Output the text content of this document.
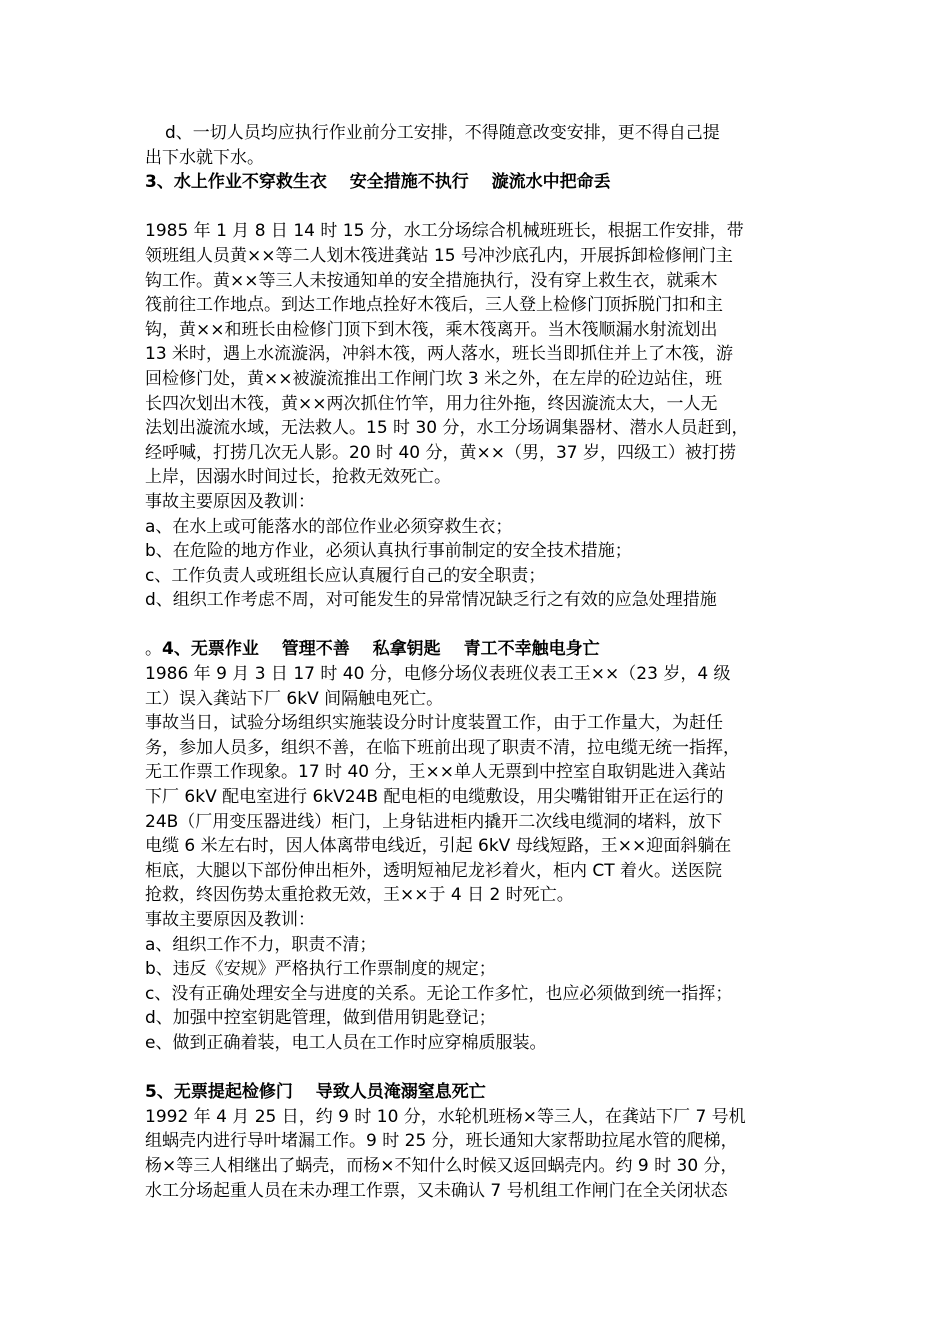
d、一切人员均应执行作业前分工安排，不得随意改变安排，更不得自己提
出下水就下水。
3、水上作业不穿救生衣　 安全措施不执行　 漩流水中把命丢
1985 年 1 月 8 日 14 时 15 分，水工分场综合机械班班长，根据工作安排，带
领班组人员黄××等二人划木筏进龚站 15 号冲沙底孔内，开展拆卸检修闸门主
钩工作。黄××等三人未按通知单的安全措施执行，没有穿上救生衣，就乘木
筏前往工作地点。到达工作地点拴好木筏后，三人登上检修门顶拆脱门扣和主
钩，黄××和班长由检修门顶下到木筏，乘木筏离开。当木筏顺漏水射流划出
13 米时，遇上水流漩涡，冲斜木筏，两人落水，班长当即抓住并上了木筏，游
回检修门处，黄××被漩流推出工作闸门坎 3 米之外，在左岸的砼边站住，班
长四次划出木筏，黄××两次抓住竹竿，用力往外拖，终因漩流太大，一人无
法划出漩流水域，无法救人。15 时 30 分，水工分场调集器材、潜水人员赶到，
经呼喊，打捞几次无人影。20 时 40 分，黄××（男，37 岁，四级工）被打捞
上岸，因溺水时间过长，抢救无效死亡。
事故主要原因及教训：
a、在水上或可能落水的部位作业必须穿救生衣；
b、在危险的地方作业，必须认真执行事前制定的安全技术措施；
c、工作负责人或班组长应认真履行自己的安全职责；
d、组织工作考虑不周，对可能发生的异常情况缺乏行之有效的应急处理措施
。4、无票作业　 管理不善　 私拿钥匙　 青工不幸触电身亡
1986 年 9 月 3 日 17 时 40 分，电修分场仪表班仪表工王××（23 岁，4 级
工）误入龚站下厂 6kV 间隔触电死亡。
事故当日，试验分场组织实施装设分时计度装置工作，由于工作量大，为赶任
务，参加人员多，组织不善，在临下班前出现了职责不清，拉电缆无统一指挥，
无工作票工作现象。17 时 40 分，王××单人无票到中控室自取钥匙进入龚站
下厂 6kV 配电室进行 6kV24B 配电柜的电缆敷设，用尖嘴钳钳开正在运行的
24B（厂用变压器进线）柜门，上身钻进柜内撬开二次线电缆洞的堵料，放下
电缆 6 米左右时，因人体离带电线近，引起 6kV 母线短路，王××迎面斜躺在
柜底，大腿以下部份伸出柜外，透明短袖尼龙衫着火，柜内 CT 着火。送医院
抢救，终因伤势太重抢救无效，王××于 4 日 2 时死亡。
事故主要原因及教训：
a、组织工作不力，职责不清；
b、违反《安规》严格执行工作票制度的规定；
c、没有正确处理安全与进度的关系。无论工作多忙，也应必须做到统一指挥；
d、加强中控室钥匙管理，做到借用钥匙登记；
e、做到正确着装，电工人员在工作时应穿棉质服装。
5、无票提起检修门　 导致人员淹溺窒息死亡
1992 年 4 月 25 日，约 9 时 10 分，水轮机班杨×等三人，在龚站下厂 7 号机
组蜗壳内进行导叶堵漏工作。9 时 25 分，班长通知大家帮助拉尾水管的爬梯，
杨×等三人相继出了蜗壳，而杨×不知什么时候又返回蜗壳内。约 9 时 30 分，
水工分场起重人员在未办理工作票，又未确认 7 号机组工作闸门在全关闭状态
